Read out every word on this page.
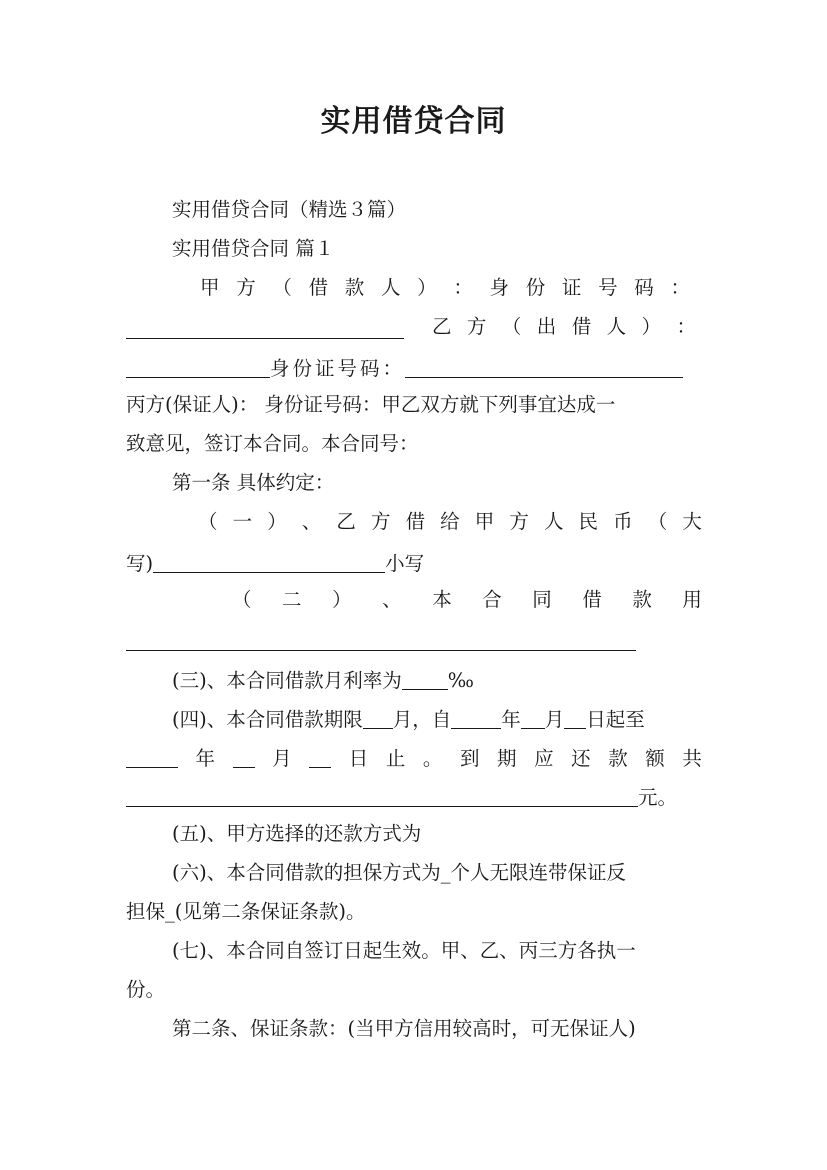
实用借贷合同
实用借贷合同（精选３篇）
实用借贷合同 篇１
甲 方 （ 借 款 人 ） ： 身 份 证 号 码 ：
乙 方 （ 出 借 人 ） ：
身份证号码：
丙方(保证人)： 身份证号码：甲乙双方就下列事宜达成一
致意见，签订本合同。本合同号：
第一条 具体约定：
（ 一 ） 、 乙 方 借 给 甲 方 人 民 币 （ 大
写)	小写
（ 二 ） 、 本 合 同 借 款 用
(三)、本合同借款月利率为 ‰
(四)、本合同借款期限 月，自	年 月 日起至
年	月	日 止 。 到 期 应 还 款 额 共
元。
(五)、甲方选择的还款方式为
(六)、本合同借款的担保方式为_个人无限连带保证反
担保_(见第二条保证条款)。
(七)、本合同自签订日起生效。甲、乙、丙三方各执一
份。
第二条、保证条款：(当甲方信用较高时，可无保证人)
